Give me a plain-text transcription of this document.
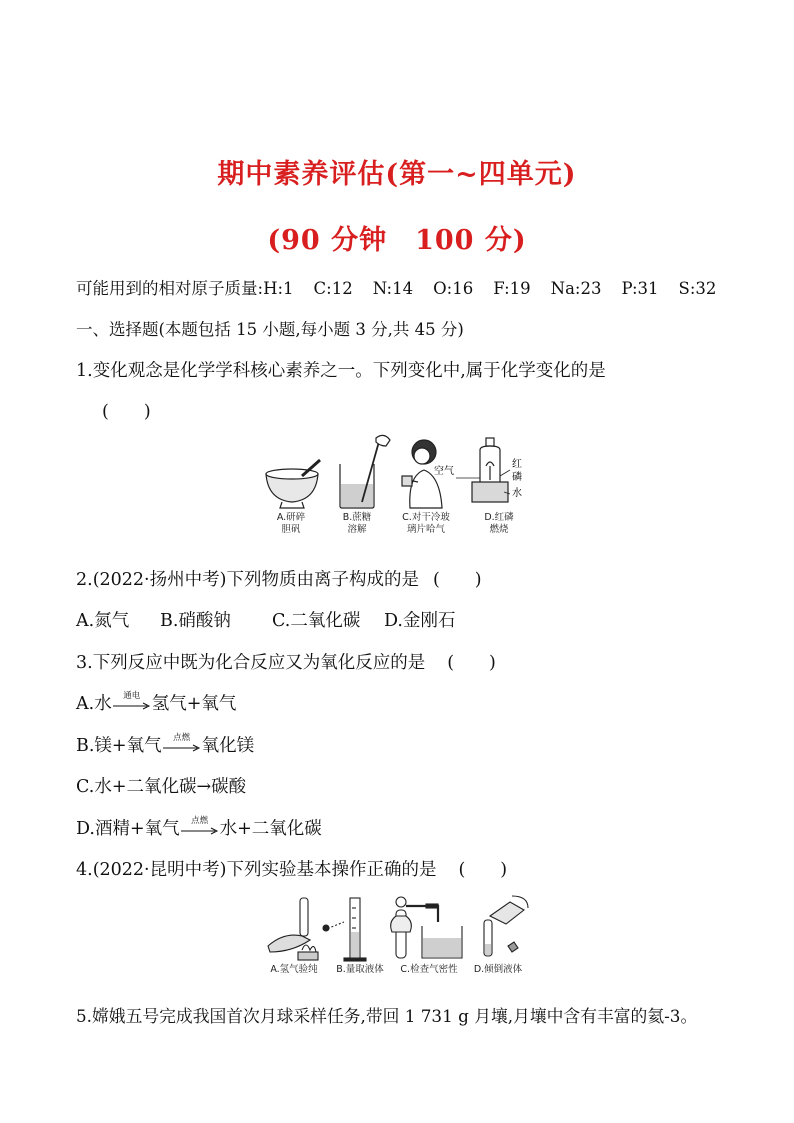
期中素养评估(第一~四单元)
(90 分钟　100 分)
可能用到的相对原子质量:H:1 C:12 N:14 O:16 F:19 Na:23 P:31 S:32
一、选择题(本题包括 15 小题,每小题 3 分,共 45 分)
1.变化观念是化学学科核心素养之一。下列变化中,属于化学变化的是
(　　)
空气
红
磷
水
A.研碎
胆矾
B.蔗糖
溶解
C.对干冷玻
璃片哈气
D.红磷
燃烧
2.(2022·扬州中考)下列物质由离子构成的是 (　　)
A.氮气 B.硝酸钠 C.二氧化碳 D.金刚石
3.下列反应中既为化合反应又为氧化反应的是 (　　)
A.水	通电 氢气+氧气
B.镁+氧气	点燃 氧化镁
C.水+二氧化碳→碳酸
D.酒精+氧气	点燃 水+二氧化碳
4.(2022·昆明中考)下列实验基本操作正确的是 (　　)
A.氢气验纯	B.量取液体	C.检查气密性	D.倾倒液体
5.嫦娥五号完成我国首次月球采样任务,带回 1 731 g 月壤,月壤中含有丰富的氦-3。
